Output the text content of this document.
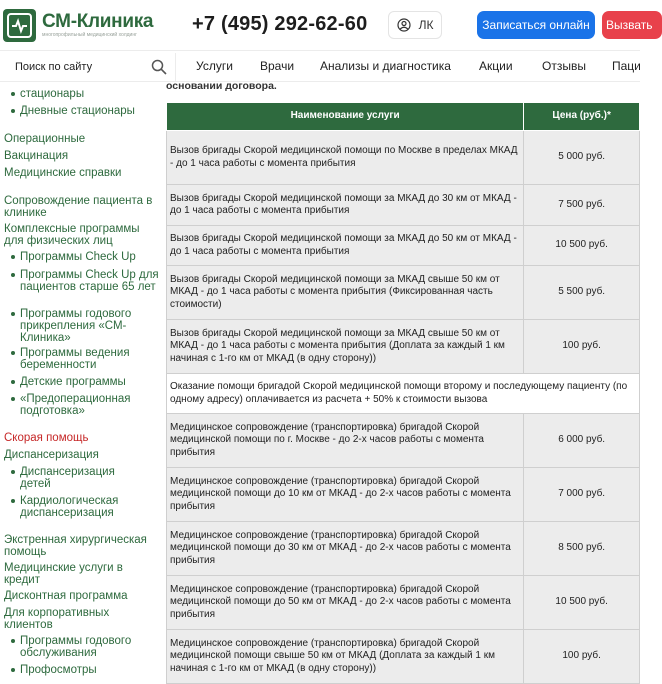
СМ-Клиника
многопрофильный медицинский холдинг	+7 (495) 292-62-60	ЛК	Записаться онлайн	Вызвать
Поиск по сайту	Услуги	Врачи	Анализы и диагностика	Акции	Отзывы	Паци
стационары
Дневные стационары
Операционные
Вакцинация
Медицинские справки
Сопровождение пациента в клинике
Комплексные программы для физических лиц
Программы Check Up
Программы Check Up для пациентов старше 65 лет
Программы годового прикрепления «СМ-Клиника»
Программы ведения беременности
Детские программы
«Предоперационная подготовка»
Скорая помощь
Диспансеризация
Диспансеризация детей
Кардиологическая диспансеризация
Экстренная хирургическая помощь
Медицинские услуги в кредит
Дисконтная программа
Для корпоративных клиентов
Программы годового обслуживания
Профосмотры
основании договора.
Наименование услуги	Цена (руб.)*
Вызов бригады Скорой медицинской помощи по Москве в пределах МКАД - до 1 часа работы с момента прибытия	5 000 руб.
Вызов бригады Скорой медицинской помощи за МКАД до 30 км от МКАД - до 1 часа работы с момента прибытия	7 500 руб.
Вызов бригады Скорой медицинской помощи за МКАД до 50 км от МКАД - до 1 часа работы с момента прибытия	10 500 руб.
Вызов бригады Скорой медицинской помощи за МКАД свыше 50 км от МКАД - до 1 часа работы с момента прибытия (Фиксированная часть стоимости)	5 500 руб.
Вызов бригады Скорой медицинской помощи за МКАД свыше 50 км от МКАД - до 1 часа работы с момента прибытия (Доплата за каждый 1 км начиная с 1-го км от МКАД (в одну сторону))	100 руб.
Оказание помощи бригадой Скорой медицинской помощи второму и последующему пациенту (по одному адресу) оплачивается из расчета + 50% к стоимости вызова	
Медицинское сопровождение (транспортировка) бригадой Скорой медицинской помощи по г. Москве - до 2-х часов работы с момента прибытия	6 000 руб.
Медицинское сопровождение (транспортировка) бригадой Скорой медицинской помощи до 10 км от МКАД - до 2-х часов работы с момента прибытия	7 000 руб.
Медицинское сопровождение (транспортировка) бригадой Скорой медицинской помощи до 30 км от МКАД - до 2-х часов работы с момента прибытия	8 500 руб.
Медицинское сопровождение (транспортировка) бригадой Скорой медицинской помощи до 50 км от МКАД - до 2-х часов работы с момента прибытия	10 500 руб.
Медицинское сопровождение (транспортировка) бригадой Скорой медицинской помощи свыше 50 км от МКАД (Доплата за каждый 1 км начиная с 1-го км от МКАД (в одну сторону))	100 руб.
